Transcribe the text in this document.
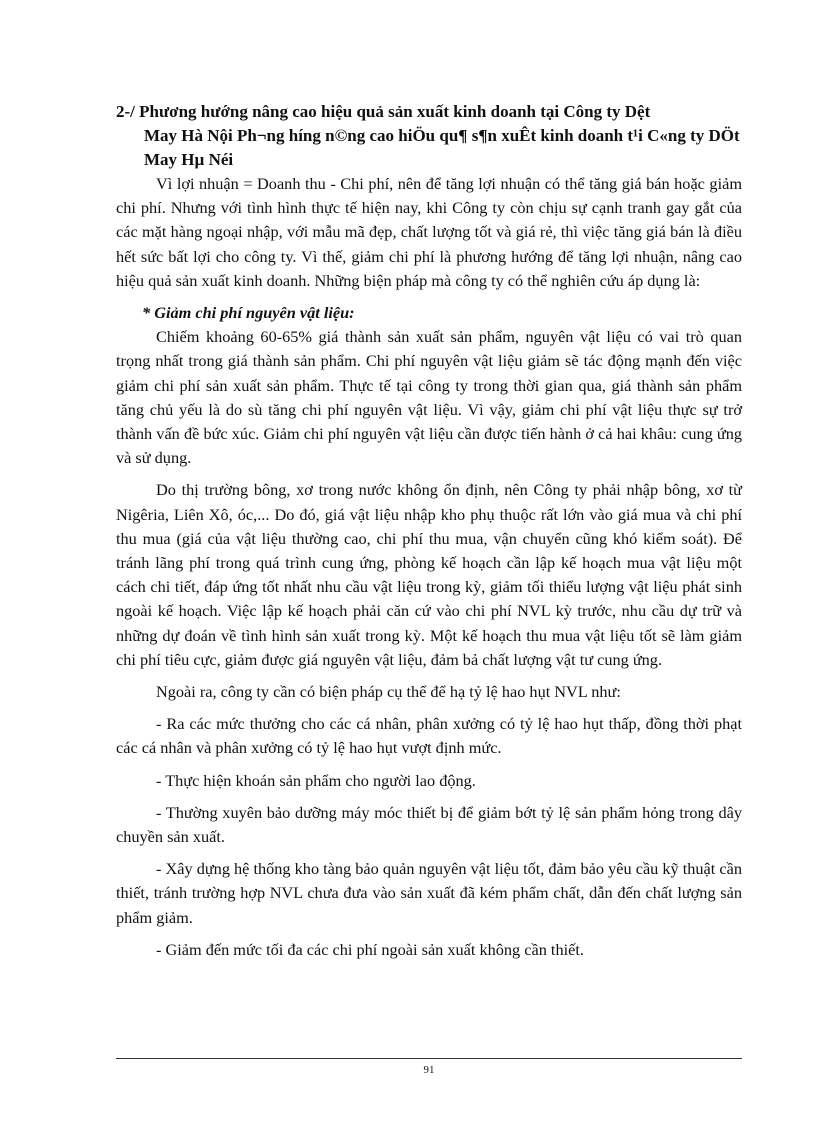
2-/ Phương hướng nâng cao hiệu quả sản xuất kinh doanh tại Công ty Dệt
May Hà Nội Ph¬ng híng n©ng cao hiÖu qu¶ s¶n xuÊt kinh doanh t¹i C«ng ty DÖt May Hµ Néi

Vì lợi nhuận = Doanh thu - Chi phí, nên để tăng lợi nhuận có thể tăng giá bán hoặc giảm chi phí. Nhưng với tình hình thực tế hiện nay, khi Công ty còn chịu sự cạnh tranh gay gắt của các mặt hàng ngoại nhập, với mẫu mã đẹp, chất lượng tốt và giá rẻ, thì việc tăng giá bán là điều hết sức bất lợi cho công ty. Vì thế, giảm chi phí là phương hướng để tăng lợi nhuận, nâng cao hiệu quả sản xuất kinh doanh. Những biện pháp mà công ty có thể nghiên cứu áp dụng là:

* Giảm chi phí nguyên vật liệu:

Chiếm khoảng 60-65% giá thành sản xuất sản phẩm, nguyên vật liệu có vai trò quan trọng nhất trong giá thành sản phẩm. Chi phí nguyên vật liệu giảm sẽ tác động mạnh đến việc giảm chi phí sản xuất sản phẩm. Thực tế tại công ty trong thời gian qua, giá thành sản phẩm tăng chủ yếu là do sù tăng chi phí nguyên vật liệu. Vì vậy, giảm chi phí vật liệu thực sự trở thành vấn đề bức xúc. Giảm chi phí nguyên vật liệu cần được tiến hành ở cả hai khâu: cung ứng và sử dụng.

Do thị trường bông, xơ trong nước không ổn định, nên Công ty phải nhập bông, xơ từ Nigêria, Liên Xô, óc,... Do đó, giá vật liệu nhập kho phụ thuộc rất lớn vào giá mua và chi phí thu mua (giá của vật liệu thường cao, chi phí thu mua, vận chuyển cũng khó kiểm soát). Để tránh lãng phí trong quá trình cung ứng, phòng kế hoạch cần lập kế hoạch mua vật liệu một cách chi tiết, đáp ứng tốt nhất nhu cầu vật liệu trong kỳ, giảm tối thiểu lượng vật liệu phát sinh ngoài kế hoạch. Việc lập kế hoạch phải căn cứ vào chi phí NVL kỳ trước, nhu cầu dự trữ và những dự đoán về tình hình sản xuất trong kỳ. Một kế hoạch thu mua vật liệu tốt sẽ làm giảm chi phí tiêu cực, giảm được giá nguyên vật liệu, đảm bả chất lượng vật tư cung ứng.

Ngoài ra, công ty cần có biện pháp cụ thể để hạ tỷ lệ hao hụt NVL như:

- Ra các mức thưởng cho các cá nhân, phân xưởng có tỷ lệ hao hụt thấp, đồng thời phạt các cá nhân và phân xưởng có tỷ lệ hao hụt vượt định mức.

- Thực hiện khoán sản phẩm cho người lao động.

- Thường xuyên bảo dưỡng máy móc thiết bị để giảm bớt tỷ lệ sản phẩm hỏng trong dây chuyền sản xuất.

- Xây dựng hệ thống kho tàng bảo quản nguyên vật liệu tốt, đảm bảo yêu cầu kỹ thuật cần thiết, tránh trường hợp NVL chưa đưa vào sản xuất đã kém phẩm chất, dẫn đến chất lượng sản phẩm giảm.

- Giảm đến mức tối đa các chi phí ngoài sản xuất không cần thiết.

91
